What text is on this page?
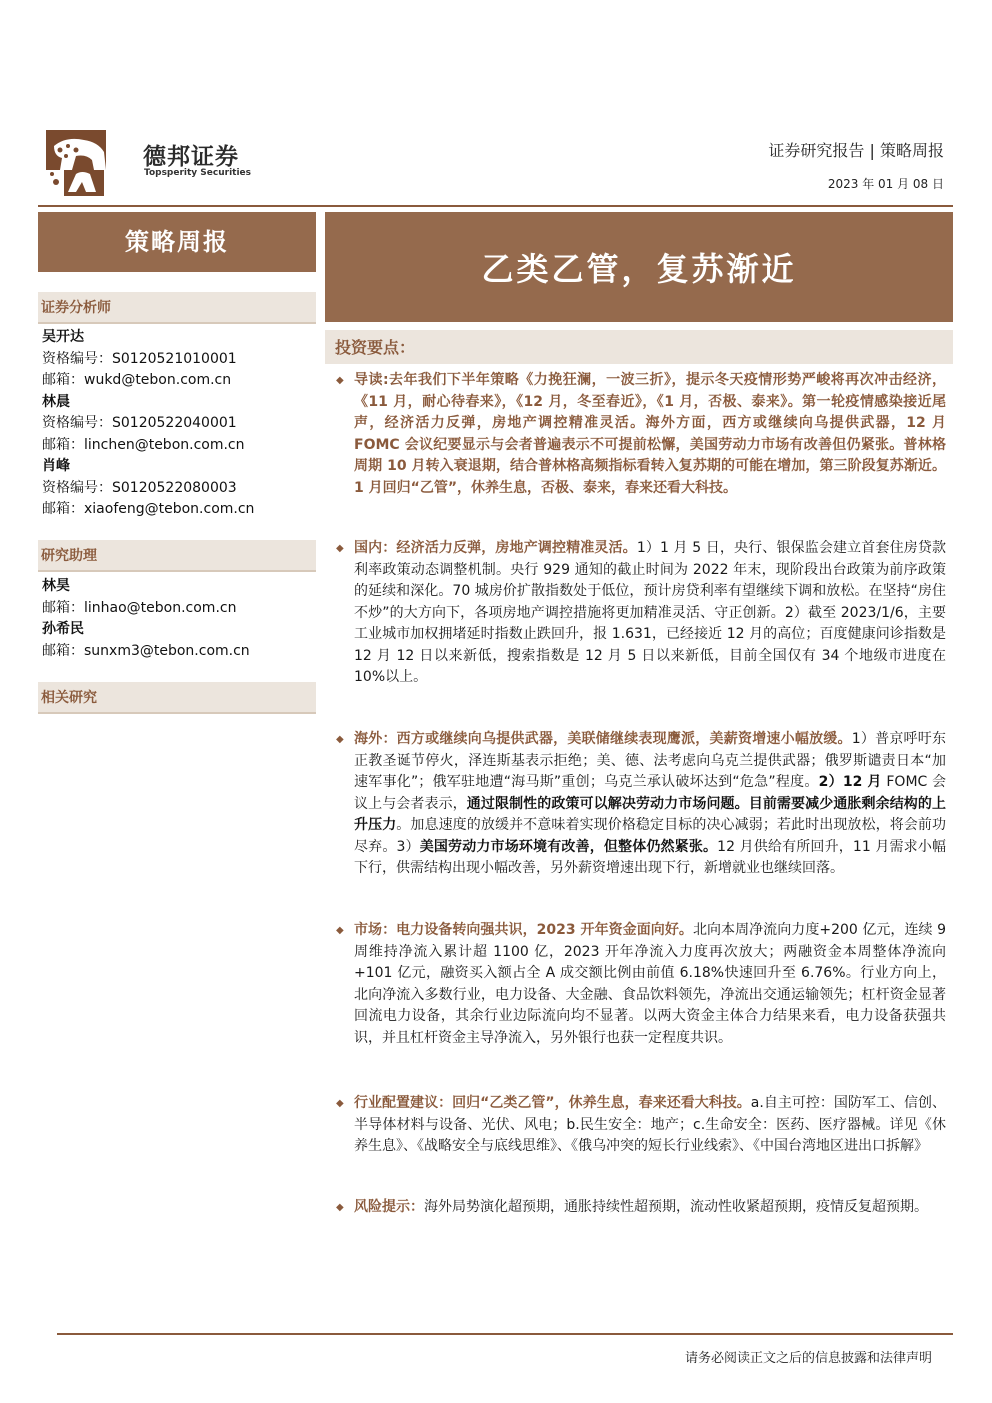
德邦证券
Topsperity Securities
证券研究报告 | 策略周报
2023 年 01 月 08 日
策略周报
证券分析师
吴开达
资格编号：S0120521010001
邮箱：wukd@tebon.com.cn
林晨
资格编号：S0120522040001
邮箱：linchen@tebon.com.cn
肖峰
资格编号：S0120522080003
邮箱：xiaofeng@tebon.com.cn
研究助理
林昊
邮箱：linhao@tebon.com.cn
孙希民
邮箱：sunxm3@tebon.com.cn
相关研究
乙类乙管，复苏渐近
投资要点：
◆ 导读:去年我们下半年策略《力挽狂澜，一波三折》，提示冬天疫情形势严峻将再次冲击经济，《11 月，耐心待春来》，《12 月，冬至春近》，《1 月，否极、泰来》。第一轮疫情感染接近尾声，经济活力反弹，房地产调控精准灵活。海外方面，西方或继续向乌提供武器，12 月 FOMC 会议纪要显示与会者普遍表示不可提前松懈，美国劳动力市场有改善但仍紧张。普林格周期 10 月转入衰退期，结合普林格高频指标看转入复苏期的可能在增加，第三阶段复苏渐近。1 月回归“乙管”，休养生息，否极、泰来，春来还看大科技。
◆ 国内：经济活力反弹，房地产调控精准灵活。1）1 月 5 日，央行、银保监会建立首套住房贷款利率政策动态调整机制。央行 929 通知的截止时间为 2022 年末，现阶段出台政策为前序政策的延续和深化。70 城房价扩散指数处于低位，预计房贷利率有望继续下调和放松。在坚持“房住不炒”的大方向下，各项房地产调控措施将更加精准灵活、守正创新。2）截至 2023/1/6，主要工业城市加权拥堵延时指数止跌回升，报 1.631，已经接近 12 月的高位；百度健康问诊指数是 12 月 12 日以来新低，搜索指数是 12 月 5 日以来新低，目前全国仅有 34 个地级市进度在 10%以上。
◆ 海外：西方或继续向乌提供武器，美联储继续表现鹰派，美薪资增速小幅放缓。1）普京呼吁东正教圣诞节停火，泽连斯基表示拒绝；美、德、法考虑向乌克兰提供武器；俄罗斯谴责日本“加速军事化”；俄军驻地遭“海马斯”重创；乌克兰承认破坏达到“危急”程度。2）12 月 FOMC 会议上与会者表示，通过限制性的政策可以解决劳动力市场问题。目前需要减少通胀剩余结构的上升压力。加息速度的放缓并不意味着实现价格稳定目标的决心减弱；若此时出现放松，将会前功尽弃。3）美国劳动力市场环境有改善，但整体仍然紧张。12 月供给有所回升，11 月需求小幅下行，供需结构出现小幅改善，另外薪资增速出现下行，新增就业也继续回落。
◆ 市场：电力设备转向强共识，2023 开年资金面向好。北向本周净流向力度+200 亿元，连续 9 周维持净流入累计超 1100 亿，2023 开年净流入力度再次放大；两融资金本周整体净流向+101 亿元，融资买入额占全 A 成交额比例由前值 6.18%快速回升至 6.76%。行业方向上，北向净流入多数行业，电力设备、大金融、食品饮料领先，净流出交通运输领先；杠杆资金显著回流电力设备，其余行业边际流向均不显著。以两大资金主体合力结果来看，电力设备获强共识，并且杠杆资金主导净流入，另外银行也获一定程度共识。
◆ 行业配置建议：回归“乙类乙管”，休养生息，春来还看大科技。a.自主可控：国防军工、信创、半导体材料与设备、光伏、风电；b.民生安全：地产；c.生命安全：医药、医疗器械。详见《休养生息》、《战略安全与底线思维》、《俄乌冲突的短长行业线索》、《中国台湾地区进出口拆解》
◆ 风险提示：海外局势演化超预期，通胀持续性超预期，流动性收紧超预期，疫情反复超预期。
请务必阅读正文之后的信息披露和法律声明
